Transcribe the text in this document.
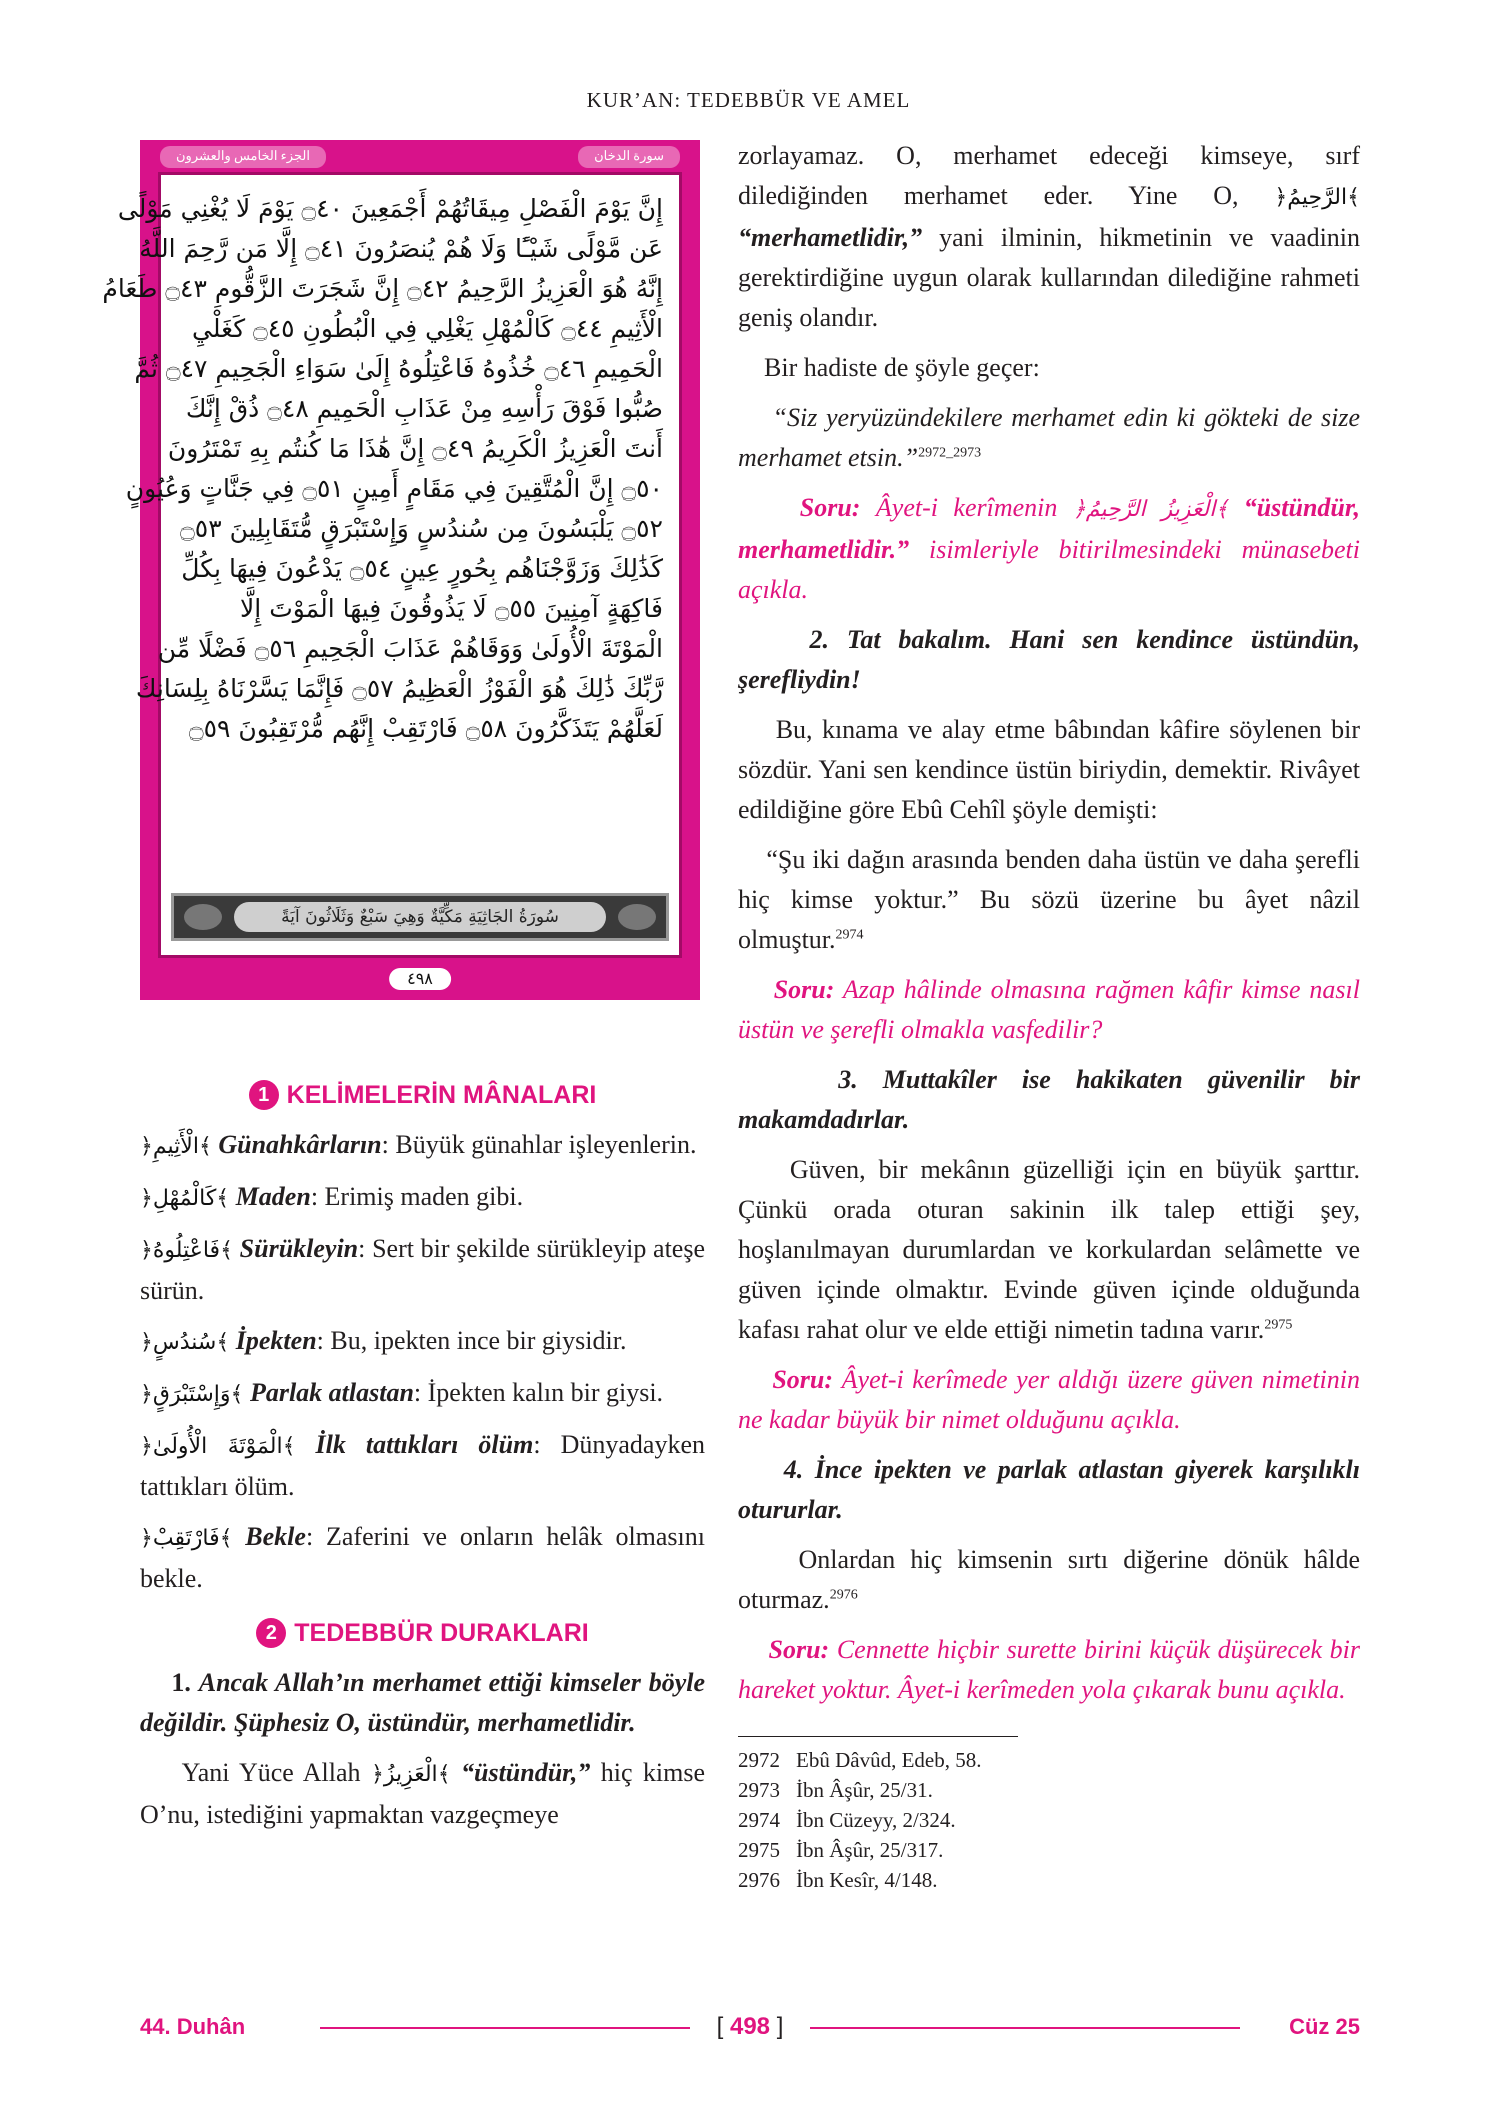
KUR’AN: TEDEBBÜR VE AMEL
سورة الدخان
الجزء الخامس والعشرون
إِنَّ يَوْمَ الْفَصْلِ مِيقَاتُهُمْ أَجْمَعِينَ ۝٤٠ يَوْمَ لَا يُغْنِي مَوْلًى
عَن مَّوْلًى شَيْـًٔا وَلَا هُمْ يُنصَرُونَ ۝٤١ إِلَّا مَن رَّحِمَ اللَّهُ
إِنَّهُ هُوَ الْعَزِيزُ الرَّحِيمُ ۝٤٢ إِنَّ شَجَرَتَ الزَّقُّومِ ۝٤٣ طَعَامُ
الْأَثِيمِ ۝٤٤ كَالْمُهْلِ يَغْلِي فِي الْبُطُونِ ۝٤٥ كَغَلْيِ
الْحَمِيمِ ۝٤٦ خُذُوهُ فَاعْتِلُوهُ إِلَىٰ سَوَاءِ الْجَحِيمِ ۝٤٧ ثُمَّ
صُبُّوا فَوْقَ رَأْسِهِ مِنْ عَذَابِ الْحَمِيمِ ۝٤٨ ذُقْ إِنَّكَ
أَنتَ الْعَزِيزُ الْكَرِيمُ ۝٤٩ إِنَّ هَٰذَا مَا كُنتُم بِهِ تَمْتَرُونَ
۝٥٠ إِنَّ الْمُتَّقِينَ فِي مَقَامٍ أَمِينٍ ۝٥١ فِي جَنَّاتٍ وَعُيُونٍ
۝٥٢ يَلْبَسُونَ مِن سُندُسٍ وَإِسْتَبْرَقٍ مُّتَقَابِلِينَ ۝٥٣
كَذَٰلِكَ وَزَوَّجْنَاهُم بِحُورٍ عِينٍ ۝٥٤ يَدْعُونَ فِيهَا بِكُلِّ
فَاكِهَةٍ آمِنِينَ ۝٥٥ لَا يَذُوقُونَ فِيهَا الْمَوْتَ إِلَّا
الْمَوْتَةَ الْأُولَىٰ وَوَقَاهُمْ عَذَابَ الْجَحِيمِ ۝٥٦ فَضْلًا مِّن
رَّبِّكَ ذَٰلِكَ هُوَ الْفَوْزُ الْعَظِيمُ ۝٥٧ فَإِنَّمَا يَسَّرْنَاهُ بِلِسَانِكَ
لَعَلَّهُمْ يَتَذَكَّرُونَ ۝٥٨ فَارْتَقِبْ إِنَّهُم مُّرْتَقِبُونَ ۝٥٩
سُورَةُ الجَاثِيَةِ مَكِّيَّةٌ وَهِيَ سَبْعٌ وَثَلَاثُونَ آيَةً
٤٩٨
1 KELİMELERİN MÂNALARI

﴿الْأَثِيمِ﴾ Günahkârların: Büyük günahlar işleyenlerin.

﴿كَالْمُهْلِ﴾ Maden: Erimiş maden gibi.

﴿فَاعْتِلُوهُ﴾ Sürükleyin: Sert bir şekilde sürükleyip ateşe sürün.

﴿سُندُسٍ﴾ İpekten: Bu, ipekten ince bir giysidir.

﴿وَإِسْتَبْرَقٍ﴾ Parlak atlastan: İpekten kalın bir giysi.

﴿الْمَوْتَةَ الْأُولَىٰ﴾ İlk tattıkları ölüm: Dünyadayken tattıkları ölüm.

﴿فَارْتَقِبْ﴾ Bekle: Zaferini ve onların helâk olmasını bekle.

2 TEDEBBÜR DURAKLARI

1. Ancak Allah’ın merhamet ettiği kimseler böyle değildir. Şüphesiz O, üstündür, merhametlidir.

Yani Yüce Allah ﴿الْعَزِيزُ﴾ “üstündür,” hiç kimse O’nu, istediğini yapmaktan vazgeçmeye

zorlayamaz. O, merhamet edeceği kimseye, sırf dilediğinden merhamet eder. Yine O, ﴿الرَّحِيمُ﴾ “merhametlidir,” yani ilminin, hikmetinin ve vaadinin gerektirdiğine uygun olarak kullarından dilediğine rahmeti geniş olandır.

Bir hadiste de şöyle geçer:

“Siz yeryüzündekilere merhamet edin ki gökteki de size merhamet etsin.”$^{2972\_2973}$

Soru: Âyet-i kerîmenin ﴿الْعَزِيزُ الرَّحِيمُ﴾ “üstündür, merhametlidir.” isimleriyle bitirilmesindeki münasebeti açıkla.

2. Tat bakalım. Hani sen kendince üstündün, şerefliydin!

Bu, kınama ve alay etme bâbından kâfire söylenen bir sözdür. Yani sen kendince üstün biriydin, demektir. Rivâyet edildiğine göre Ebû Cehîl şöyle demişti:

“Şu iki dağın arasında benden daha üstün ve daha şerefli hiç kimse yoktur.” Bu sözü üzerine bu âyet nâzil olmuştur.$^{2974}$

Soru: Azap hâlinde olmasına rağmen kâfir kimse nasıl üstün ve şerefli olmakla vasfedilir?

3. Muttakîler ise hakikaten güvenilir bir makamdadırlar.

Güven, bir mekânın güzelliği için en büyük şarttır. Çünkü orada oturan sakinin ilk talep ettiği şey, hoşlanılmayan durumlardan ve korkulardan selâmette ve güven içinde olmaktır. Evinde güven içinde olduğunda kafası rahat olur ve elde ettiği nimetin tadına varır.$^{2975}$

Soru: Âyet-i kerîmede yer aldığı üzere güven nimetinin ne kadar büyük bir nimet olduğunu açıkla.

4. İnce ipekten ve parlak atlastan giyerek karşılıklı otururlar.

Onlardan hiç kimsenin sırtı diğerine dönük hâlde oturmaz.$^{2976}$

Soru: Cennette hiçbir surette birini küçük düşürecek bir hareket yoktur. Âyet-i kerîmeden yola çıkarak bunu açıkla.

2972 Ebû Dâvûd, Edeb, 58.
2973 İbn Âşûr, 25/31.
2974 İbn Cüzeyy, 2/324.
2975 İbn Âşûr, 25/317.
2976 İbn Kesîr, 4/148.
44. Duhân	[ 498 ]	Cüz 25
